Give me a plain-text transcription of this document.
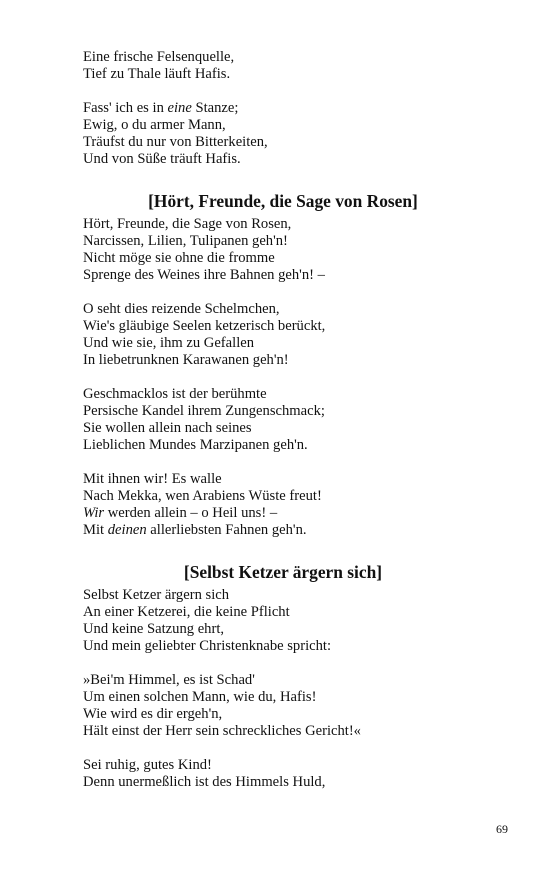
Eine frische Felsenquelle,
Tief zu Thale läuft Hafis.
Fass' ich es in eine Stanze;
Ewig, o du armer Mann,
Träufst du nur von Bitterkeiten,
Und von Süße träuft Hafis.
[Hört, Freunde, die Sage von Rosen]
Hört, Freunde, die Sage von Rosen,
Narcissen, Lilien, Tulipanen geh'n!
Nicht möge sie ohne die fromme
Sprenge des Weines ihre Bahnen geh'n! –
O seht dies reizende Schelmchen,
Wie's gläubige Seelen ketzerisch berückt,
Und wie sie, ihm zu Gefallen
In liebetrunknen Karawanen geh'n!
Geschmacklos ist der berühmte
Persische Kandel ihrem Zungenschmack;
Sie wollen allein nach seines
Lieblichen Mundes Marzipanen geh'n.
Mit ihnen wir! Es walle
Nach Mekka, wen Arabiens Wüste freut!
Wir werden allein – o Heil uns! –
Mit deinen allerliebsten Fahnen geh'n.
[Selbst Ketzer ärgern sich]
Selbst Ketzer ärgern sich
An einer Ketzerei, die keine Pflicht
Und keine Satzung ehrt,
Und mein geliebter Christenknabe spricht:
»Bei'm Himmel, es ist Schad'
Um einen solchen Mann, wie du, Hafis!
Wie wird es dir ergeh'n,
Hält einst der Herr sein schreckliches Gericht!«
Sei ruhig, gutes Kind!
Denn unermeßlich ist des Himmels Huld,
69
